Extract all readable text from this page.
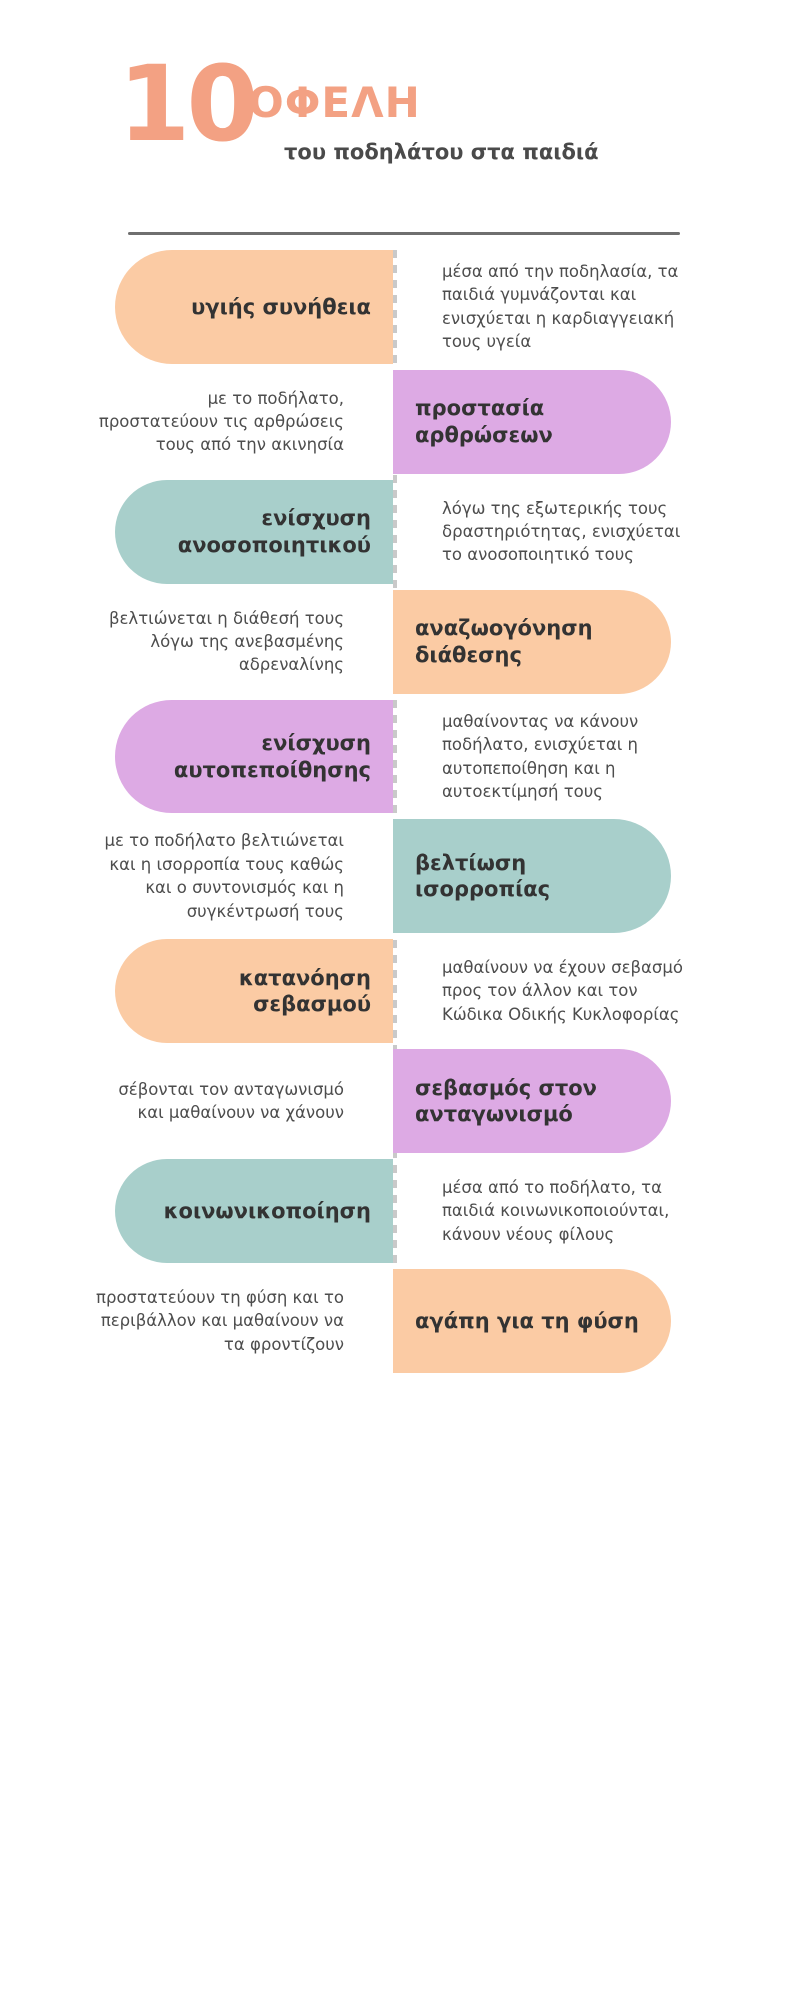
10
ΟΦΕΛΗ
του ποδηλάτου στα παιδιά
υγιής συνήθεια
μέσα από την ποδηλασία, τα παιδιά γυμνάζονται και ενισχύεται η καρδιαγγειακή τους υγεία
προστασία αρθρώσεων
με το ποδήλατο, προστατεύουν τις αρθρώσεις τους από την ακινησία
ενίσχυση ανοσοποιητικού
λόγω της εξωτερικής τους δραστηριότητας, ενισχύεται το ανοσοποιητικό τους
αναζωογόνηση διάθεσης
βελτιώνεται η διάθεσή τους λόγω της ανεβασμένης αδρεναλίνης
ενίσχυση αυτοπεποίθησης
μαθαίνοντας να κάνουν ποδήλατο, ενισχύεται η αυτοπεποίθηση και η αυτοεκτίμησή τους
βελτίωση ισορροπίας
με το ποδήλατο βελτιώνεται και η ισορροπία τους καθώς και ο συντονισμός και η συγκέντρωσή τους
κατανόηση σεβασμού
μαθαίνουν να έχουν σεβασμό προς τον άλλον και τον Κώδικα Οδικής Κυκλοφορίας
σεβασμός στον ανταγωνισμό
σέβονται τον ανταγωνισμό και μαθαίνουν να χάνουν
κοινωνικοποίηση
μέσα από το ποδήλατο, τα παιδιά κοινωνικοποιούνται, κάνουν νέους φίλους
αγάπη για τη φύση
προστατεύουν τη φύση και το περιβάλλον και μαθαίνουν να τα φροντίζουν
